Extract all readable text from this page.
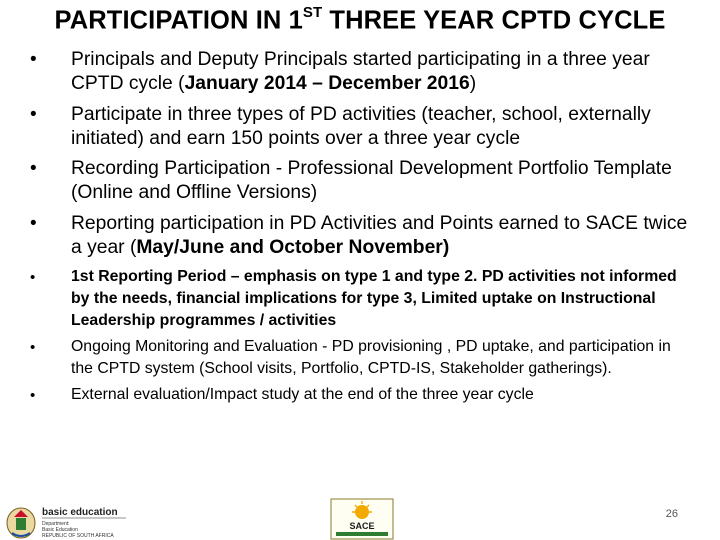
PARTICIPATION IN 1ST THREE YEAR CPTD CYCLE
• Principals and Deputy Principals started participating in a three year CPTD cycle (January 2014 – December 2016)
• Participate in three types of PD activities (teacher, school, externally initiated) and earn 150 points over a three year cycle
• Recording Participation - Professional Development Portfolio Template (Online and Offline Versions)
• Reporting participation in PD Activities and Points earned to SACE twice a year (May/June and October November)
• 1st Reporting Period – emphasis on type 1 and type 2. PD activities not informed by the needs, financial implications for type 3, Limited uptake on Instructional Leadership programmes / activities
• Ongoing Monitoring and Evaluation - PD provisioning , PD uptake, and participation in the CPTD system (School visits, Portfolio, CPTD-IS, Stakeholder gatherings).
• External evaluation/Impact study at the end of the three year cycle
basic education
Department:
Basic Education
REPUBLIC OF SOUTH AFRICA
SACE
26
